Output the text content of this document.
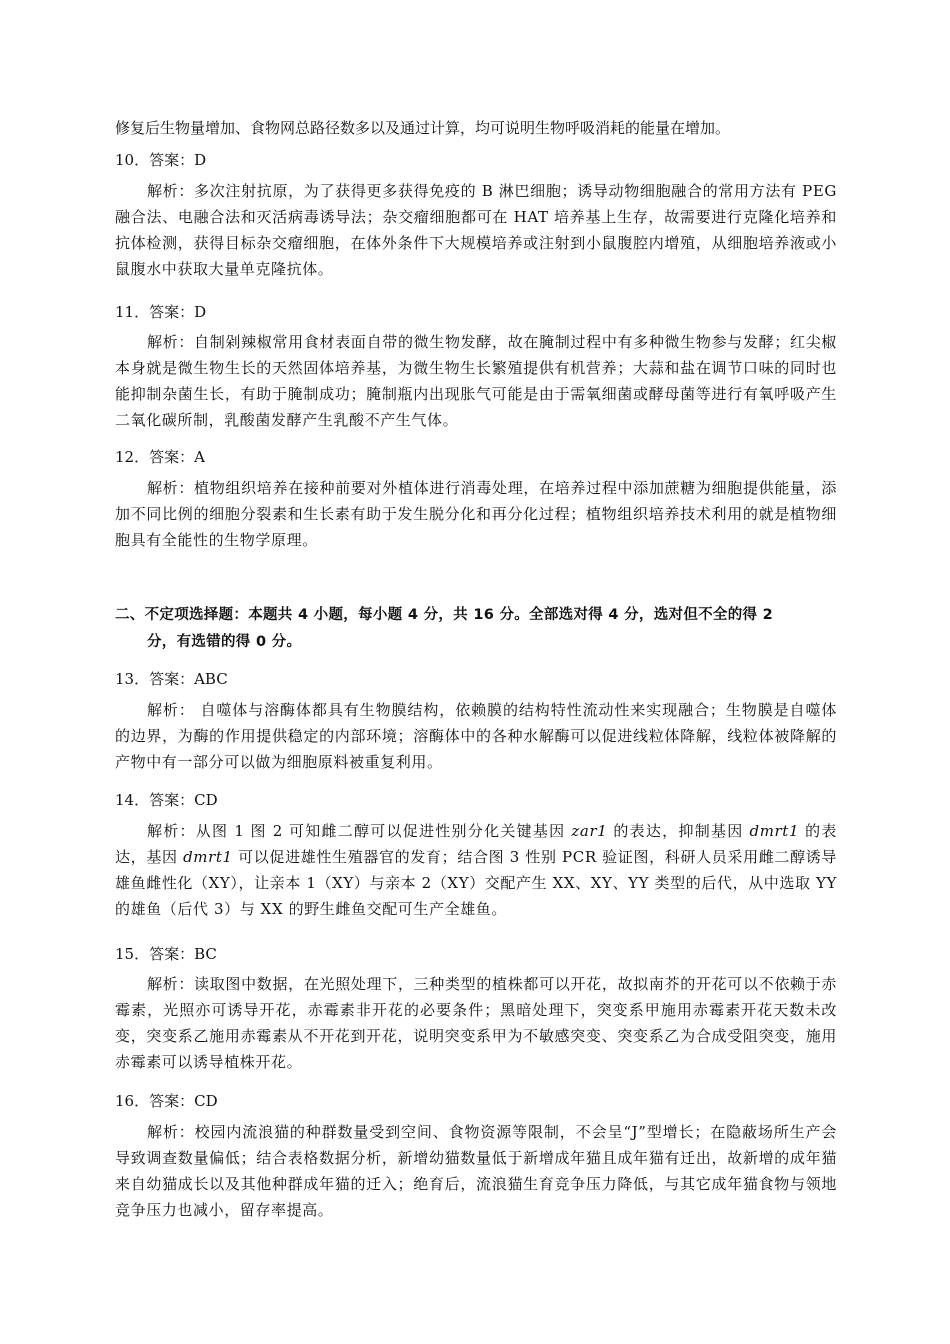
修复后生物量增加、食物网总路径数多以及通过计算，均可说明生物呼吸消耗的能量在增加。
10．答案：D
解析：多次注射抗原，为了获得更多获得免疫的 B 淋巴细胞；诱导动物细胞融合的常用方法有 PEG 融合法、电融合法和灭活病毒诱导法；杂交瘤细胞都可在 HAT 培养基上生存，故需要进行克隆化培养和抗体检测，获得目标杂交瘤细胞，在体外条件下大规模培养或注射到小鼠腹腔内增殖，从细胞培养液或小鼠腹水中获取大量单克隆抗体。
11．答案：D
解析：自制剁辣椒常用食材表面自带的微生物发酵，故在腌制过程中有多种微生物参与发酵；红尖椒本身就是微生物生长的天然固体培养基，为微生物生长繁殖提供有机营养；大蒜和盐在调节口味的同时也能抑制杂菌生长，有助于腌制成功；腌制瓶内出现胀气可能是由于需氧细菌或酵母菌等进行有氧呼吸产生二氧化碳所制，乳酸菌发酵产生乳酸不产生气体。
12．答案：A
解析：植物组织培养在接种前要对外植体进行消毒处理，在培养过程中添加蔗糖为细胞提供能量，添加不同比例的细胞分裂素和生长素有助于发生脱分化和再分化过程；植物组织培养技术利用的就是植物细胞具有全能性的生物学原理。
二、不定项选择题：本题共 4 小题，每小题 4 分，共 16 分。全部选对得 4 分，选对但不全的得 2
分，有选错的得 0 分。
13．答案：ABC
解析： 自噬体与溶酶体都具有生物膜结构，依赖膜的结构特性流动性来实现融合；生物膜是自噬体的边界，为酶的作用提供稳定的内部环境；溶酶体中的各种水解酶可以促进线粒体降解，线粒体被降解的产物中有一部分可以做为细胞原料被重复利用。
14．答案：CD
解析：从图 1 图 2 可知雌二醇可以促进性别分化关键基因 zar1 的表达，抑制基因 dmrt1 的表达，基因 dmrt1 可以促进雄性生殖器官的发育；结合图 3 性别 PCR 验证图，科研人员采用雌二醇诱导雄鱼雌性化（XY），让亲本 1（XY）与亲本 2（XY）交配产生 XX、XY、YY 类型的后代，从中选取 YY 的雄鱼（后代 3）与 XX 的野生雌鱼交配可生产全雄鱼。
15．答案：BC
解析：读取图中数据，在光照处理下，三种类型的植株都可以开花，故拟南芥的开花可以不依赖于赤霉素，光照亦可诱导开花，赤霉素非开花的必要条件；黑暗处理下，突变系甲施用赤霉素开花天数未改变，突变系乙施用赤霉素从不开花到开花，说明突变系甲为不敏感突变、突变系乙为合成受阻突变，施用赤霉素可以诱导植株开花。
16．答案：CD
解析：校园内流浪猫的种群数量受到空间、食物资源等限制，不会呈“J”型增长；在隐蔽场所生产会导致调查数量偏低；结合表格数据分析，新增幼猫数量低于新增成年猫且成年猫有迁出，故新增的成年猫来自幼猫成长以及其他种群成年猫的迁入；绝育后，流浪猫生育竞争压力降低，与其它成年猫食物与领地竞争压力也减小，留存率提高。
